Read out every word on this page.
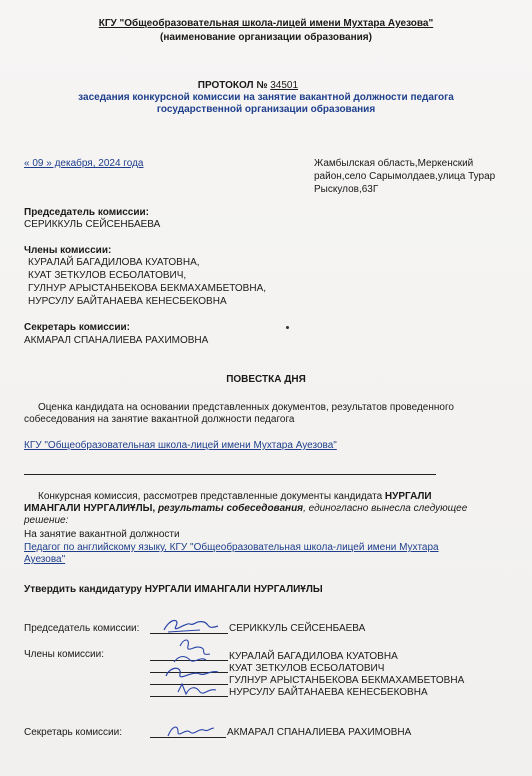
КГУ "Общеобразовательная школа-лицей имени Мухтара Ауезова"
(наименование организации образования)
ПРОТОКОЛ № 34501
заседания конкурсной комиссии на занятие вакантной должности педагога
государственной организации образования
« 09 » декабря, 2024 года	Жамбылская область,Меркенский
район,село Сарымолдаев,улица Турар
Рыскулов,63Г
Председатель комиссии:
СЕРИККУЛЬ СЕЙСЕНБАЕВА
Члены комиссии:
КУРАЛАЙ БАГАДИЛОВА КУАТОВНА,
КУАТ ЗЕТКУЛОВ ЕСБОЛАТОВИЧ,
ГУЛНУР АРЫСТАНБЕКОВА БЕКМАХАМБЕТОВНА,
НУРСУЛУ БАЙТАНАЕВА КЕНЕСБЕКОВНА
Секретарь комиссии:
АКМАРАЛ СПАНАЛИЕВА РАХИМОВНА
ПОВЕСТКА ДНЯ
Оценка кандидата на основании представленных документов, результатов проведенного
собеседования на занятие вакантной должности педагога
КГУ "Общеобразовательная школа-лицей имени Мухтара Ауезова"
Конкурсная комиссия, рассмотрев представленные документы кандидата НУРГАЛИ
ИМАНГАЛИ НУРГАЛИҰЛЫ, результаты собеседования, единогласно вынесла следующее
решение:
На занятие вакантной должности
Педагог по английскому языку, КГУ "Общеобразовательная школа-лицей имени Мухтара
Ауезова"
Утвердить кандидатуру НУРГАЛИ ИМАНГАЛИ НУРГАЛИҰЛЫ
Председатель комиссии:	СЕРИККУЛЬ СЕЙСЕНБАЕВА
Члены комиссии:	КУРАЛАЙ БАГАДИЛОВА КУАТОВНА
КУАТ ЗЕТКУЛОВ ЕСБОЛАТОВИЧ
ГУЛНУР АРЫСТАНБЕКОВА БЕКМАХАМБЕТОВНА
НУРСУЛУ БАЙТАНАЕВА КЕНЕСБЕКОВНА
Секретарь комиссии:	АКМАРАЛ СПАНАЛИЕВА РАХИМОВНА
